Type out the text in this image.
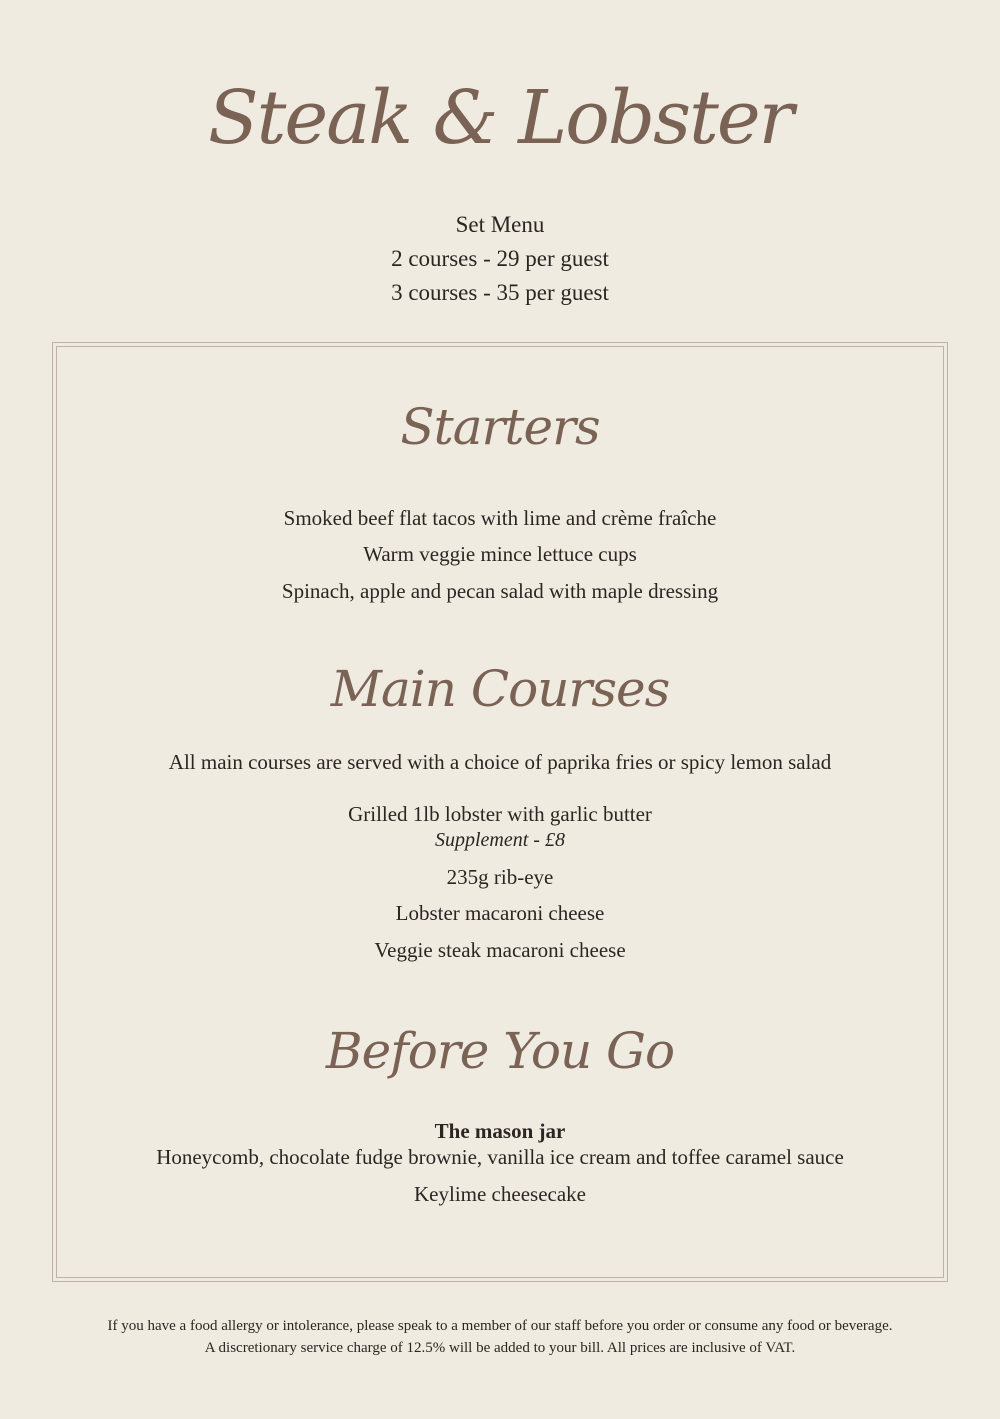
Steak & Lobster
Set Menu
2 courses - 29 per guest
3 courses - 35 per guest
Starters
Smoked beef flat tacos with lime and crème fraîche
Warm veggie mince lettuce cups
Spinach, apple and pecan salad with maple dressing
Main Courses
All main courses are served with a choice of paprika fries or spicy lemon salad
Grilled 1lb lobster with garlic butter
Supplement - £8
235g rib-eye
Lobster macaroni cheese
Veggie steak macaroni cheese
Before You Go
The mason jar
Honeycomb, chocolate fudge brownie, vanilla ice cream and toffee caramel sauce
Keylime cheesecake
If you have a food allergy or intolerance, please speak to a member of our staff before you order or consume any food or beverage.
A discretionary service charge of 12.5% will be added to your bill. All prices are inclusive of VAT.
